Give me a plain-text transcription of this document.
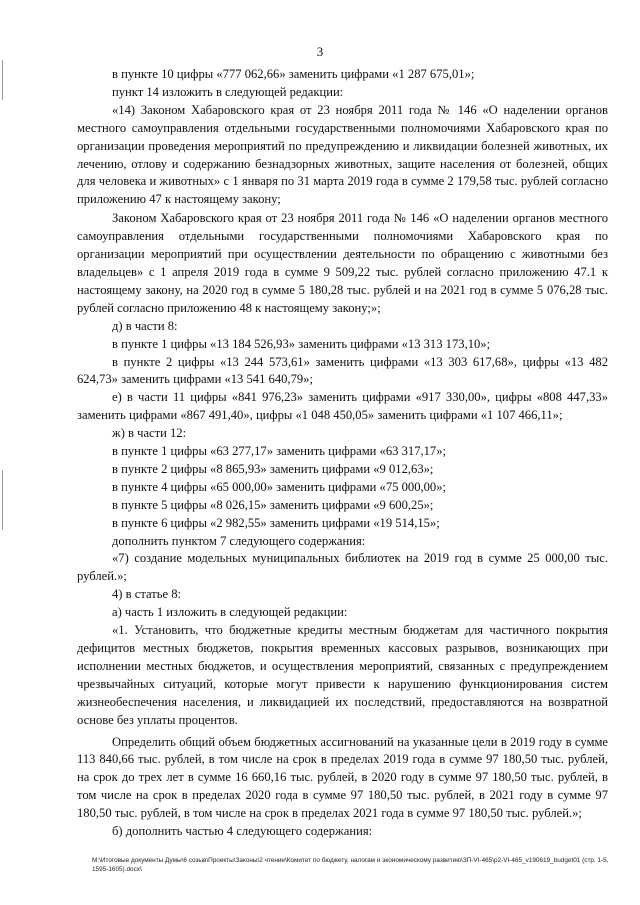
3

в пункте 10 цифры «777 062,66» заменить цифрами «1 287 675,01»;

пункт 14 изложить в следующей редакции:

«14) Законом Хабаровского края от 23 ноября 2011 года № 146 «О наделении органов местного самоуправления отдельными государственными полномочиями Хабаровского края по организации проведения мероприятий по предупреждению и ликвидации болезней животных, их лечению, отлову и содержанию безнадзорных животных, защите населения от болезней, общих для человека и животных» с 1 января по 31 марта 2019 года в сумме 2 179,58 тыс. рублей согласно приложению 47 к настоящему закону;

Законом Хабаровского края от 23 ноября 2011 года № 146 «О наделении органов местного самоуправления отдельными государственными полномочиями Хабаровского края по организации мероприятий при осуществлении деятельности по обращению с животными без владельцев» с 1 апреля 2019 года в сумме 9 509,22 тыс. рублей согласно приложению 47.1 к настоящему закону, на 2020 год в сумме 5 180,28 тыс. рублей и на 2021 год в сумме 5 076,28 тыс. рублей согласно приложению 48 к настоящему закону;»;

д) в части 8:

в пункте 1 цифры «13 184 526,93» заменить цифрами «13 313 173,10»;

в пункте 2 цифры «13 244 573,61» заменить цифрами «13 303 617,68», цифры «13 482 624,73» заменить цифрами «13 541 640,79»;

е) в части 11 цифры «841 976,23» заменить цифрами «917 330,00», цифры «808 447,33» заменить цифрами «867 491,40», цифры «1 048 450,05» заменить цифрами «1 107 466,11»;

ж) в части 12:

в пункте 1 цифры «63 277,17» заменить цифрами «63 317,17»;

в пункте 2 цифры «8 865,93» заменить цифрами «9 012,63»;

в пункте 4 цифры «65 000,00» заменить цифрами «75 000,00»;

в пункте 5 цифры «8 026,15» заменить цифрами «9 600,25»;

в пункте 6 цифры «2 982,55» заменить цифрами «19 514,15»;

дополнить пунктом 7 следующего содержания:

«7) создание модельных муниципальных библиотек на 2019 год в сумме 25 000,00 тыс. рублей.»;

4) в статье 8:

а) часть 1 изложить в следующей редакции:

«1. Установить, что бюджетные кредиты местным бюджетам для частичного покрытия дефицитов местных бюджетов, покрытия временных кассовых разрывов, возникающих при исполнении местных бюджетов, и осуществления мероприятий, связанных с предупреждением чрезвычайных ситуаций, которые могут привести к нарушению функционирования систем жизнеобеспечения населения, и ликвидацией их последствий, предоставляются на возвратной основе без уплаты процентов.

Определить общий объем бюджетных ассигнований на указанные цели в 2019 году в сумме 113 840,66 тыс. рублей, в том числе на срок в пределах 2019 года в сумме 97 180,50 тыс. рублей, на срок до трех лет в сумме 16 660,16 тыс. рублей, в 2020 году в сумме 97 180,50 тыс. рублей, в том числе на срок в пределах 2020 года в сумме 97 180,50 тыс. рублей, в 2021 году в сумме 97 180,50 тыс. рублей, в том числе на срок в пределах 2021 года в сумме 97 180,50 тыс. рублей.»;

б) дополнить частью 4 следующего содержания:

M:\Итоговые документы Думы\6 созыв\Проекты\Законы\2 чтение\Комитет по бюджету, налогам и экономическому развитию\ЗП-VI-465\р2-VI-465_v190619_budget01 (стр. 1-5, 1595-1605).docx\
